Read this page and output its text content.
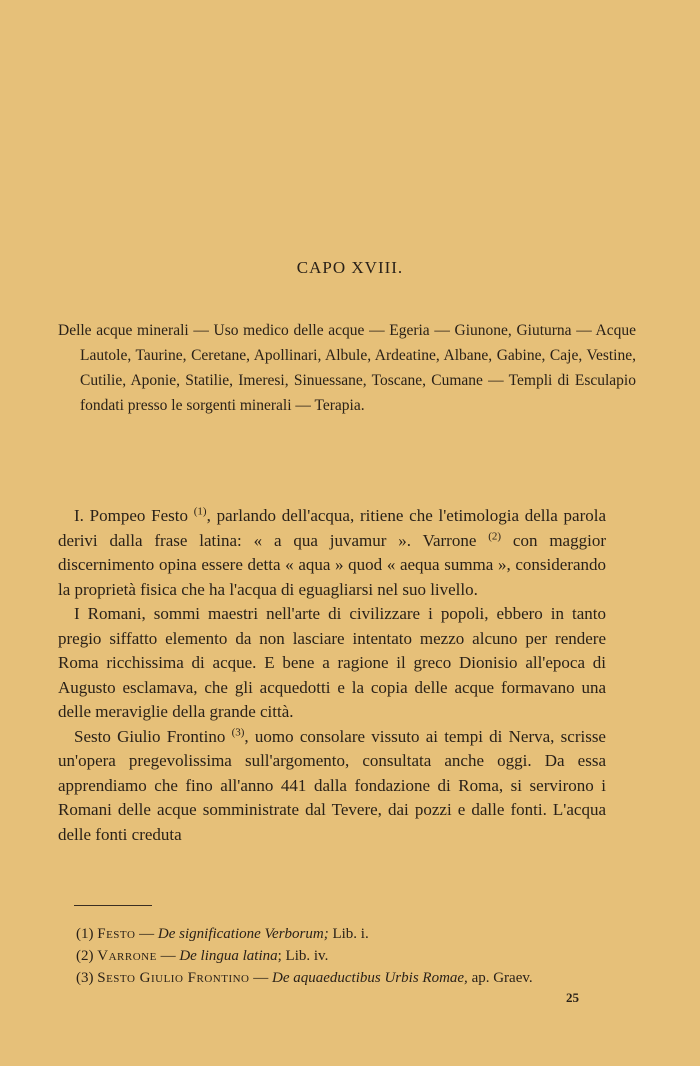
CAPO XVIII.
Delle acque minerali — Uso medico delle acque — Egeria — Giunone, Giuturna — Acque Lautole, Taurine, Ceretane, Apollinari, Albule, Ardeatine, Albane, Gabine, Caje, Vestine, Cutilie, Aponie, Statilie, Imeresi, Sinuessane, Toscane, Cumane — Templi di Esculapio fondati presso le sorgenti minerali — Terapia.

I. Pompeo Festo $^{(1)}$, parlando dell'acqua, ritiene che l'etimologia della parola derivi dalla frase latina: « a qua juvamur ». Varrone $^{(2)}$ con maggior discernimento opina essere detta « aqua » quod « aequa summa », considerando la proprietà fisica che ha l'acqua di eguagliarsi nel suo livello.

I Romani, sommi maestri nell'arte di civilizzare i popoli, ebbero in tanto pregio siffatto elemento da non lasciare intentato mezzo alcuno per rendere Roma ricchissima di acque. E bene a ragione il greco Dionisio all'epoca di Augusto esclamava, che gli acquedotti e la copia delle acque formavano una delle meraviglie della grande città.

Sesto Giulio Frontino $^{(3)}$, uomo consolare vissuto ai tempi di Nerva, scrisse un'opera pregevolissima sull'argomento, consultata anche oggi. Da essa apprendiamo che fino all'anno 441 dalla fondazione di Roma, si servirono i Romani delle acque somministrate dal Tevere, dai pozzi e dalle fonti. L'acqua delle fonti creduta

(1) Festo — De significatione Verborum; Lib. i.
(2) Varrone — De lingua latina; Lib. iv.
(3) Sesto Giulio Frontino — De aquaeductibus Urbis Romae, ap. Graev.
25
